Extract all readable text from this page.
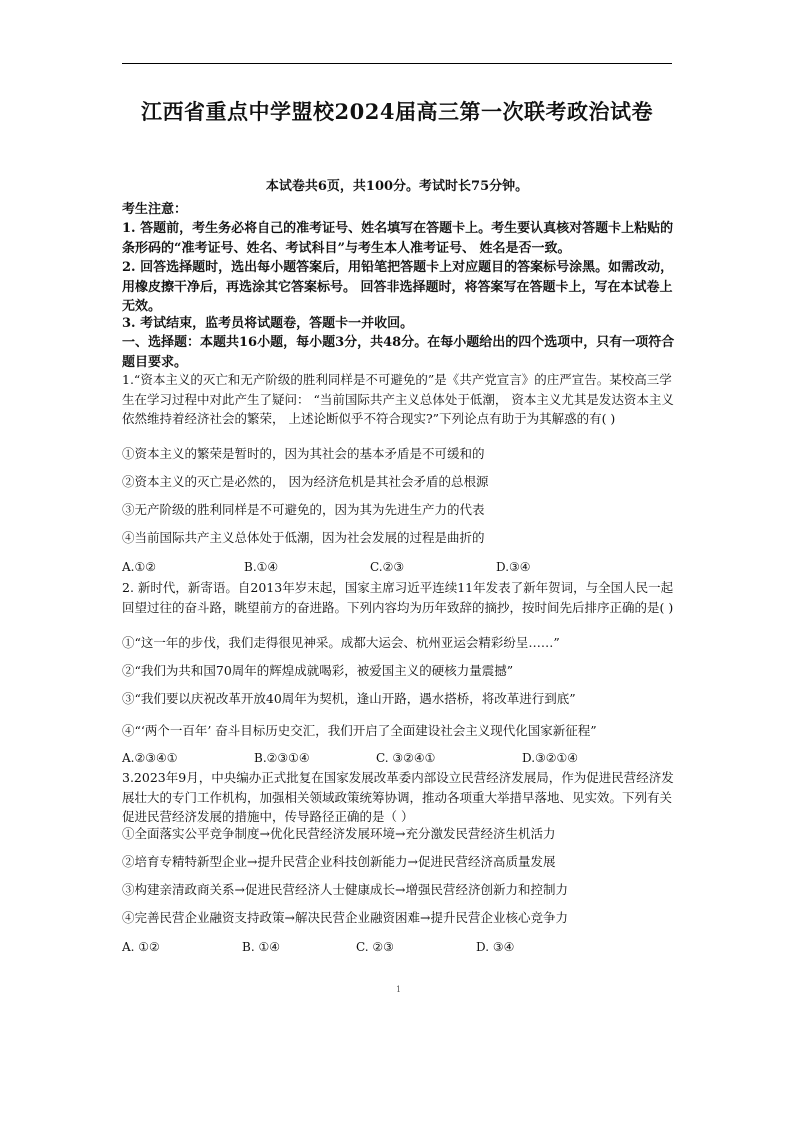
江西省重点中学盟校2024届高三第一次联考政治试卷
本试卷共6页，共100分。考试时长75分钟。
考生注意：
1. 答题前，考生务必将自己的准考证号、姓名填写在答题卡上。考生要认真核对答题卡上粘贴的条形码的“准考证号、姓名、考试科目”与考生本人准考证号、 姓名是否一致。
2. 回答选择题时，选出每小题答案后，用铅笔把答题卡上对应题目的答案标号涂黑。如需改动，用橡皮擦干净后，再选涂其它答案标号。 回答非选择题时，将答案写在答题卡上，写在本试卷上无效。
3. 考试结束，监考员将试题卷，答题卡一并收回。
一、选择题：本题共16小题，每小题3分，共48分。在每小题给出的四个选项中，只有一项符合题目要求。
1.“资本主义的灭亡和无产阶级的胜利同样是不可避免的”是《共产党宣言》的庄严宣告。某校高三学生在学习过程中对此产生了疑问： “当前国际共产主义总体处于低潮， 资本主义尤其是发达资本主义依然维持着经济社会的繁荣， 上述论断似乎不符合现实?”下列论点有助于为其解惑的有( )
①资本主义的繁荣是暂时的，因为其社会的基本矛盾是不可缓和的
②资本主义的灭亡是必然的， 因为经济危机是其社会矛盾的总根源
③无产阶级的胜利同样是不可避免的，因为其为先进生产力的代表
④当前国际共产主义总体处于低潮，因为社会发展的过程是曲折的
A.①②	B.①④	C.②③	D.③④
2. 新时代，新寄语。自2013年岁末起，国家主席习近平连续11年发表了新年贺词，与全国人民一起回望过往的奋斗路，眺望前方的奋进路。下列内容均为历年致辞的摘抄，按时间先后排序正确的是( )
①“这一年的步伐，我们走得很见神采。成都大运会、杭州亚运会精彩纷呈……”
②“我们为共和国70周年的辉煌成就喝彩，被爱国主义的硬核力量震撼”
③“我们要以庆祝改革开放40周年为契机，逢山开路，遇水搭桥，将改革进行到底”
④“‘两个一百年’ 奋斗目标历史交汇，我们开启了全面建设社会主义现代化国家新征程”
A.②③④①	B.②③①④	C. ③②④①	D.③②①④
3.2023年9月，中央编办正式批复在国家发展改革委内部设立民营经济发展局，作为促进民营经济发展壮大的专门工作机构，加强相关领域政策统筹协调，推动各项重大举措早落地、见实效。下列有关促进民营经济发展的措施中，传导路径正确的是（ ）
①全面落实公平竞争制度→优化民营经济发展环境→充分激发民营经济生机活力
②培育专精特新型企业→提升民营企业科技创新能力→促进民营经济高质量发展
③构建亲清政商关系→促进民营经济人士健康成长→增强民营经济创新力和控制力
④完善民营企业融资支持政策→解决民营企业融资困难→提升民营企业核心竞争力
A. ①②	B. ①④	C. ②③	D. ③④
1
